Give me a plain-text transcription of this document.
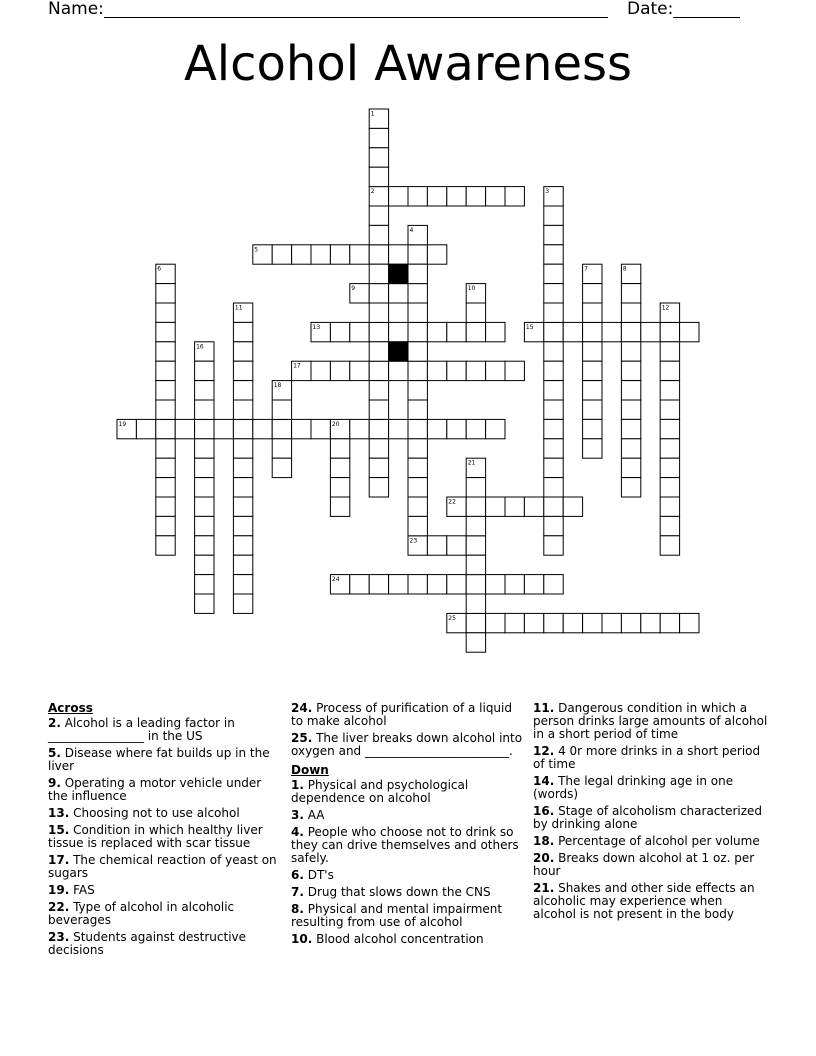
Name:	Date:
Alcohol Awareness
2
5
9
13	15
17
19
22
23
24
25
1
3
4
6	7	8
10
11	12
16
18
20
21
Across
2. Alcohol is a leading factor in ________________ in the US
5. Disease where fat builds up in the liver
9. Operating a motor vehicle under the influence
13. Choosing not to use alcohol
15. Condition in which healthy liver tissue is replaced with scar tissue
17. The chemical reaction of yeast on sugars
19. FAS
22. Type of alcohol in alcoholic beverages
23. Students against destructive decisions
24. Process of purification of a liquid to make alcohol
25. The liver breaks down alcohol into oxygen and ________________________.
Down
1. Physical and psychological dependence on alcohol
3. AA
4. People who choose not to drink so they can drive themselves and others safely.
6. DT's
7. Drug that slows down the CNS
8. Physical and mental impairment resulting from use of alcohol
10. Blood alcohol concentration
11. Dangerous condition in which a person drinks large amounts of alcohol in a short period of time
12. 4 0r more drinks in a short period of time
14. The legal drinking age in one (words)
16. Stage of alcoholism characterized by drinking alone
18. Percentage of alcohol per volume
20. Breaks down alcohol at 1 oz. per hour
21. Shakes and other side effects an alcoholic may experience when alcohol is not present in the body
